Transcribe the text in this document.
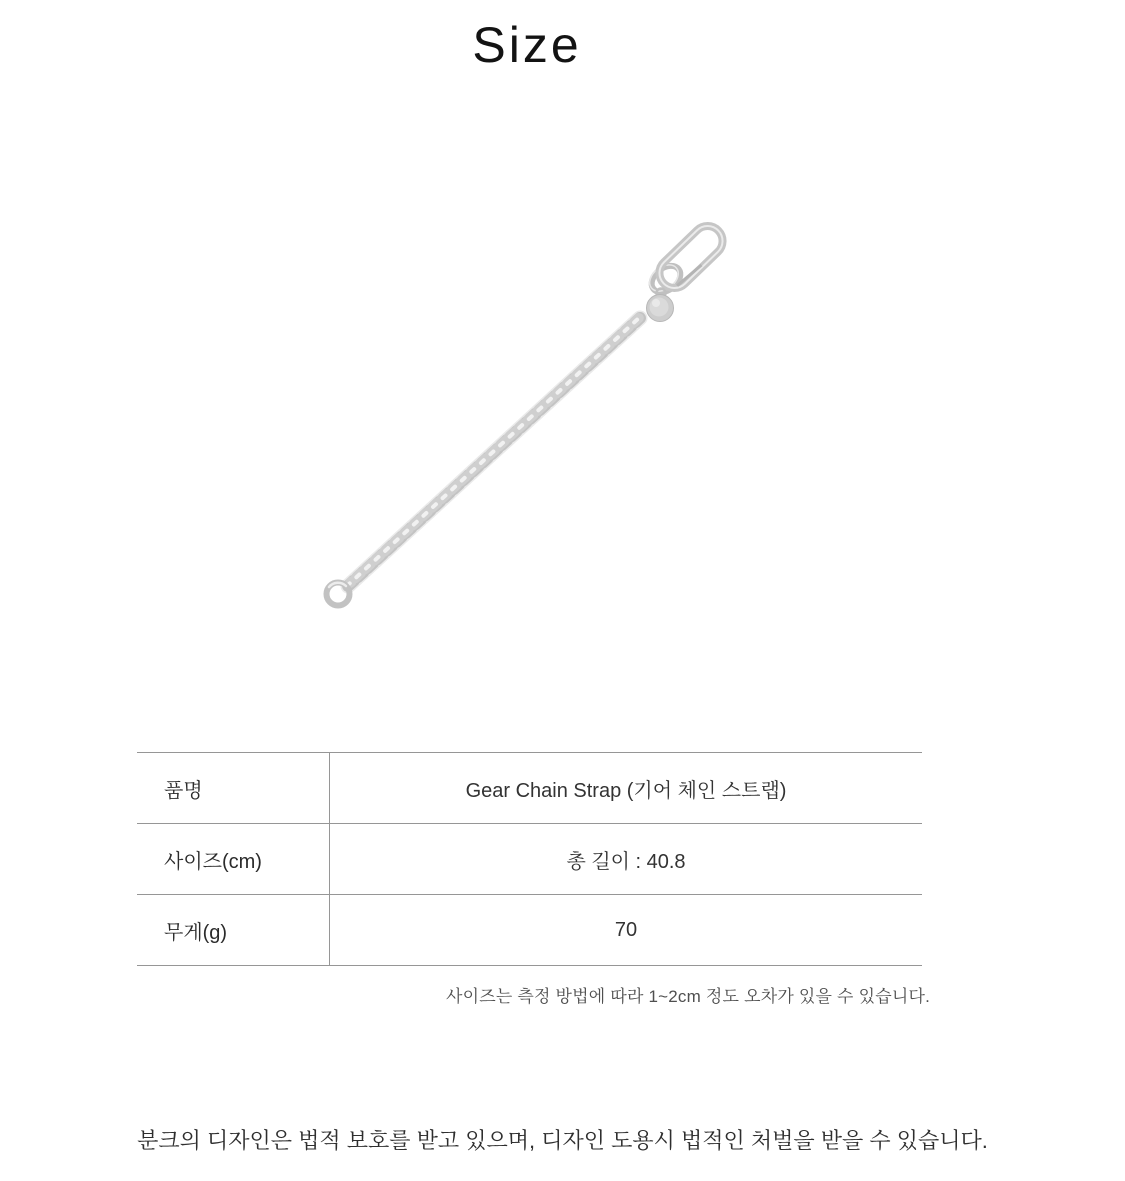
Size
품명	Gear Chain Strap (기어 체인 스트랩)
사이즈(cm)	총 길이 : 40.8
무게(g)	70
사이즈는 측정 방법에 따라 1~2cm 정도 오차가 있을 수 있습니다.
분크의 디자인은 법적 보호를 받고 있으며, 디자인 도용시 법적인 처벌을 받을 수 있습니다.
